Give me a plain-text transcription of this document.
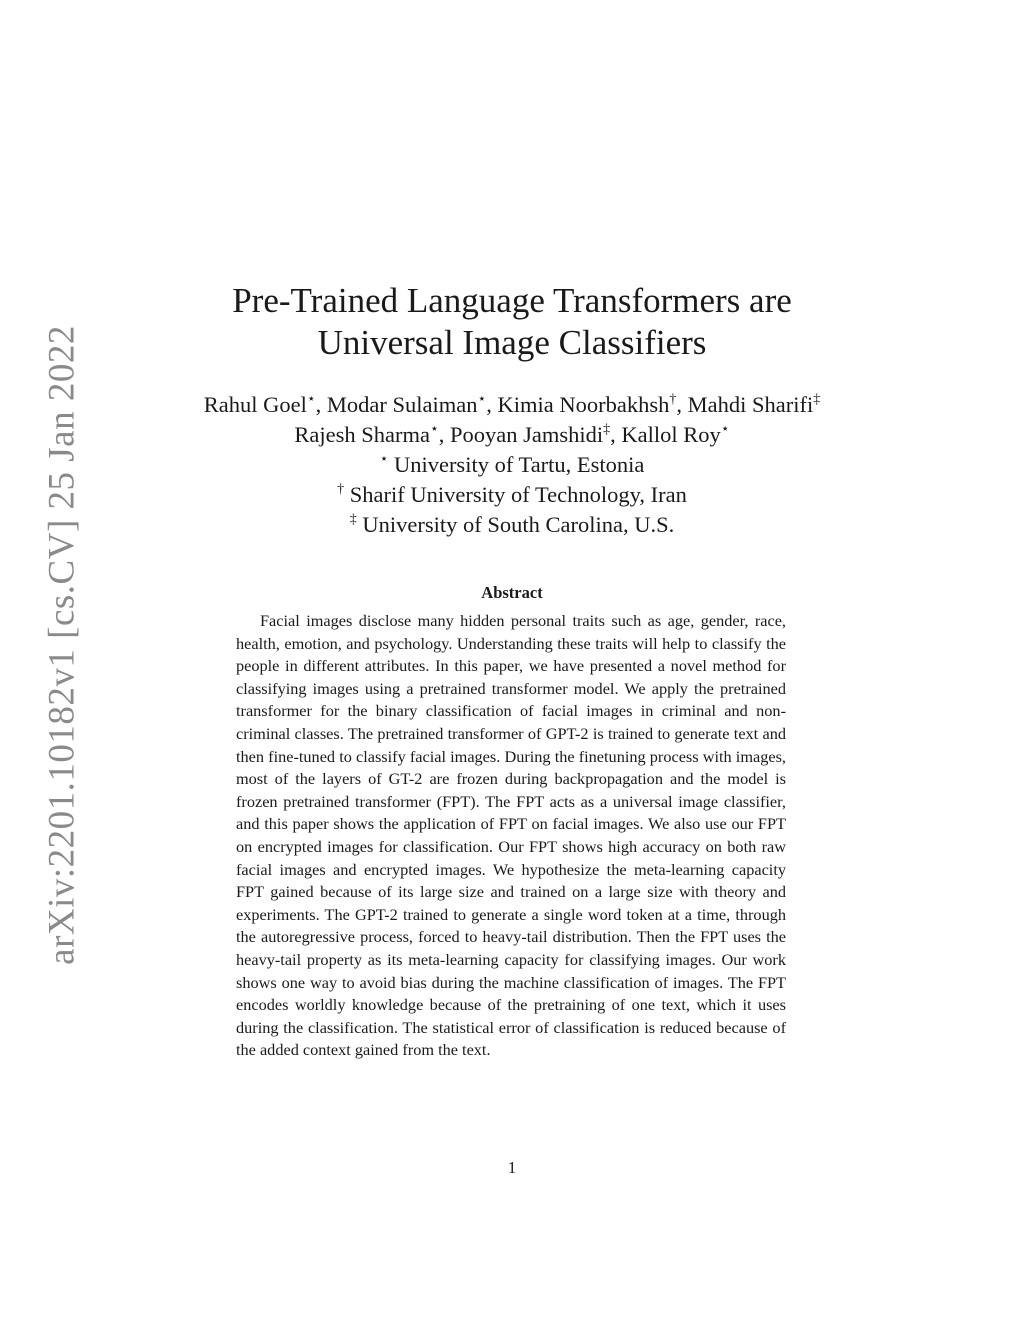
arXiv:2201.10182v1 [cs.CV] 25 Jan 2022
Pre-Trained Language Transformers are
Universal Image Classifiers
Rahul Goel⋆, Modar Sulaiman⋆, Kimia Noorbakhsh†, Mahdi Sharifi‡
Rajesh Sharma⋆, Pooyan Jamshidi‡, Kallol Roy⋆
⋆ University of Tartu, Estonia
† Sharif University of Technology, Iran
‡ University of South Carolina, U.S.
Abstract

Facial images disclose many hidden personal traits such as age, gender, race, health, emotion, and psychology. Understanding these traits will help to classify the people in different attributes. In this paper, we have presented a novel method for classifying images using a pretrained transformer model. We apply the pretrained transformer for the binary classification of facial images in criminal and non-criminal classes. The pretrained transformer of GPT-2 is trained to generate text and then fine-tuned to classify facial images. During the finetuning process with images, most of the layers of GT-2 are frozen during backpropagation and the model is frozen pretrained transformer (FPT). The FPT acts as a universal image classifier, and this paper shows the application of FPT on facial images. We also use our FPT on encrypted images for classification. Our FPT shows high accuracy on both raw facial images and encrypted images. We hypothesize the meta-learning capacity FPT gained because of its large size and trained on a large size with theory and experiments. The GPT-2 trained to generate a single word token at a time, through the autoregressive process, forced to heavy-tail distribution. Then the FPT uses the heavy-tail property as its meta-learning capacity for classifying images. Our work shows one way to avoid bias during the machine classification of images. The FPT encodes worldly knowledge because of the pretraining of one text, which it uses during the classification. The statistical error of classification is reduced because of the added context gained from the text.

1
